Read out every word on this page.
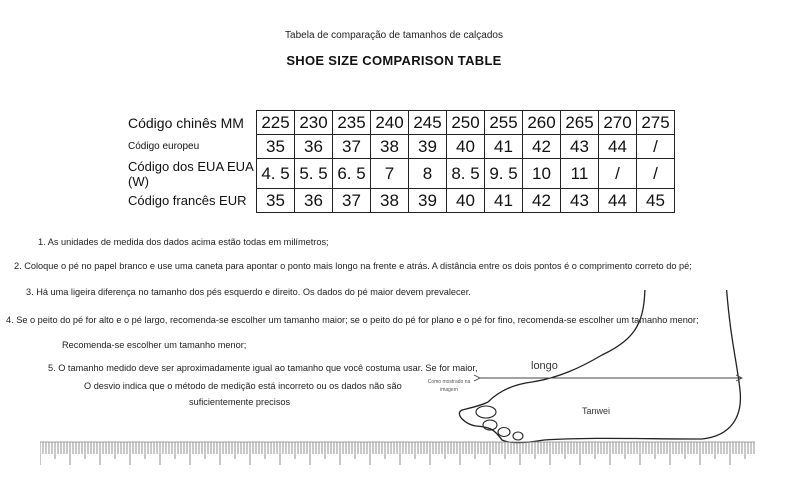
Tabela de comparação de tamanhos de calçados
SHOE SIZE COMPARISON TABLE
Código chinês MM	225	230	235	240	245	250	255	260	265	270	275
Código europeu	35	36	37	38	39	40	41	42	43	44	/
Código dos EUA EUA (W)	4. 5	5. 5	6. 5	7	8	8. 5	9. 5	10	11	/	/
Código francês EUR	35	36	37	38	39	40	41	42	43	44	45
1. As unidades de medida dos dados acima estão todas em milímetros;
2. Coloque o pé no papel branco e use uma caneta para apontar o ponto mais longo na frente e atrás. A distância entre os dois pontos é o comprimento correto do pé;
3. Há uma ligeira diferença no tamanho dos pés esquerdo e direito. Os dados do pé maior devem prevalecer.
4. Se o peito do pé for alto e o pé largo, recomenda-se escolher um tamanho maior; se o peito do pé for plano e o pé for fino, recomenda-se escolher um tamanho menor;
Recomenda-se escolher um tamanho menor;
5. O tamanho medido deve ser aproximadamente igual ao tamanho que você costuma usar. Se for maior,
O desvio indica que o método de medição está incorreto ou os dados não são
suficientemente precisos
longo
Tanwei
Como mostrado na imagem
